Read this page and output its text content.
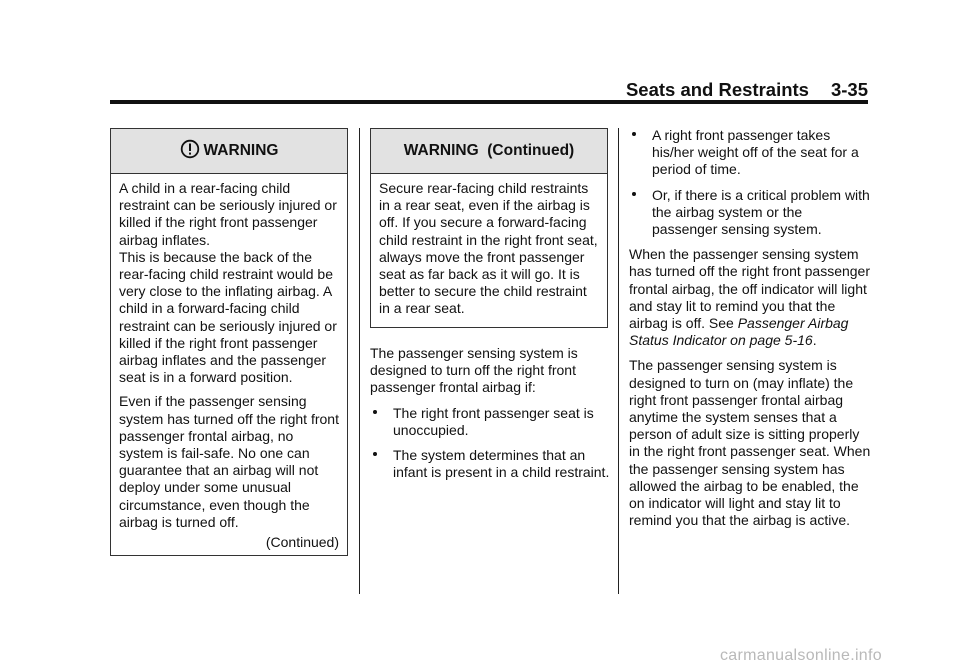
Seats and Restraints 3-35
WARNING

A child in a rear-facing child restraint can be seriously injured or killed if the right front passenger airbag inflates.

This is because the back of the rear-facing child restraint would be very close to the inflating airbag. A child in a forward-facing child restraint can be seriously injured or killed if the right front passenger airbag inflates and the passenger seat is in a forward position.

Even if the passenger sensing system has turned off the right front passenger frontal airbag, no system is fail-safe. No one can guarantee that an airbag will not deploy under some unusual circumstance, even though the airbag is turned off.

(Continued)
WARNING  (Continued)

Secure rear-facing child restraints in a rear seat, even if the airbag is off. If you secure a forward-facing child restraint in the right front seat, always move the front passenger seat as far back as it will go. It is better to secure the child restraint in a rear seat.

The passenger sensing system is designed to turn off the right front passenger frontal airbag if:

The right front passenger seat is unoccupied.
The system determines that an infant is present in a child restraint.
A right front passenger takes his/her weight off of the seat for a period of time.
Or, if there is a critical problem with the airbag system or the passenger sensing system.

When the passenger sensing system has turned off the right front passenger frontal airbag, the off indicator will light and stay lit to remind you that the airbag is off. See Passenger Airbag Status Indicator on page 5-16.

The passenger sensing system is designed to turn on (may inflate) the right front passenger frontal airbag anytime the system senses that a person of adult size is sitting properly in the right front passenger seat. When the passenger sensing system has allowed the airbag to be enabled, the on indicator will light and stay lit to remind you that the airbag is active.

carmanualsonline.info
